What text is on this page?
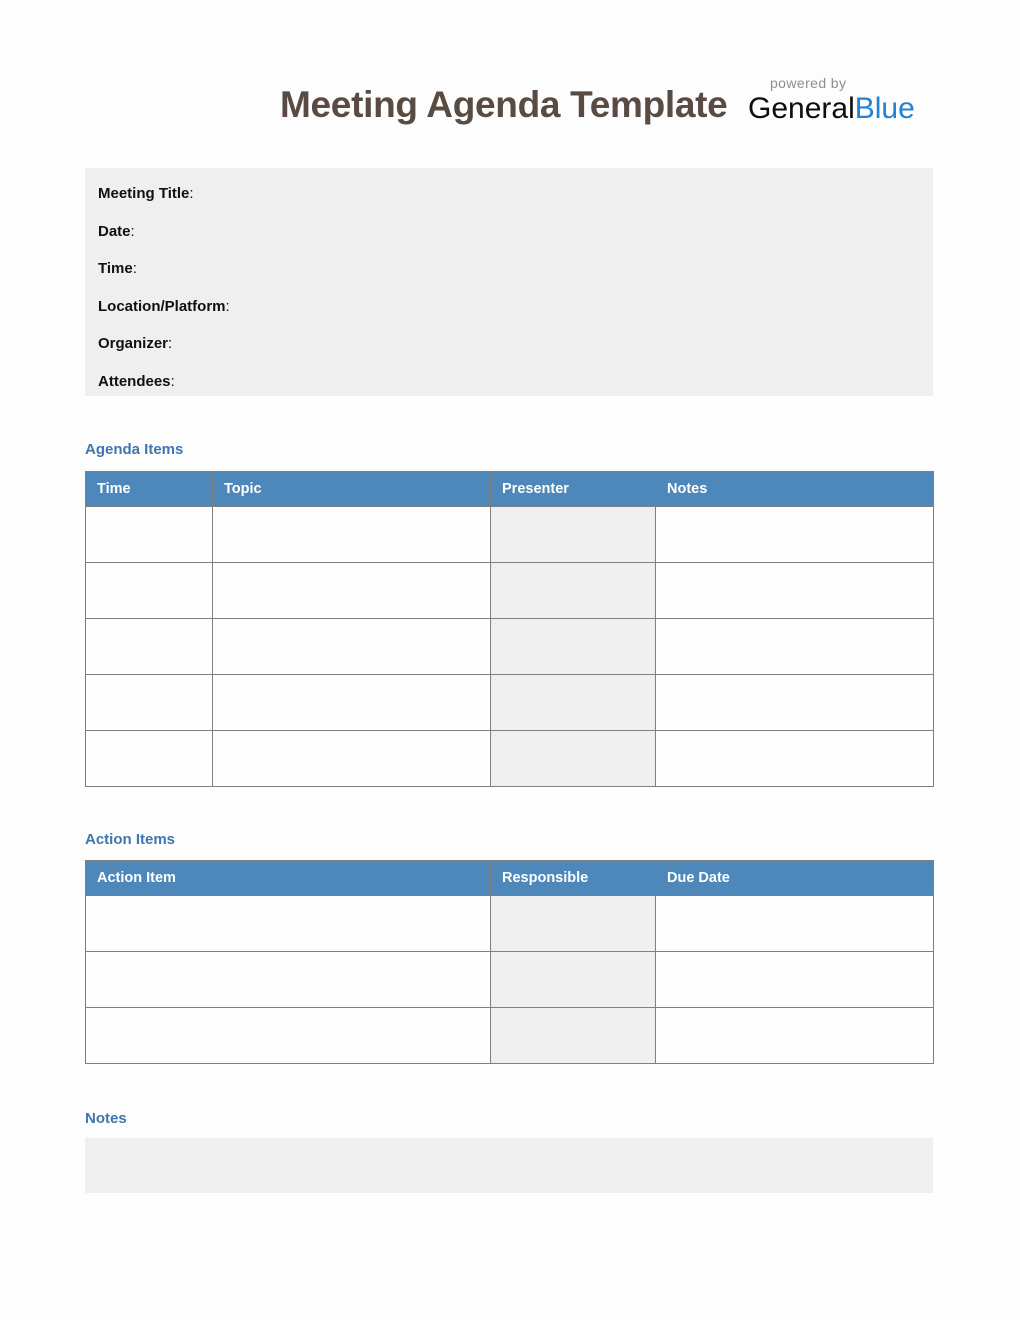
Meeting Agenda Template
powered by
GeneralBlue
Meeting Title:
Date:
Time:
Location/Platform:
Organizer:
Attendees:
Agenda Items
Time	Topic	Presenter	Notes

Action Items
Action Item	Responsible	Due Date

Notes
